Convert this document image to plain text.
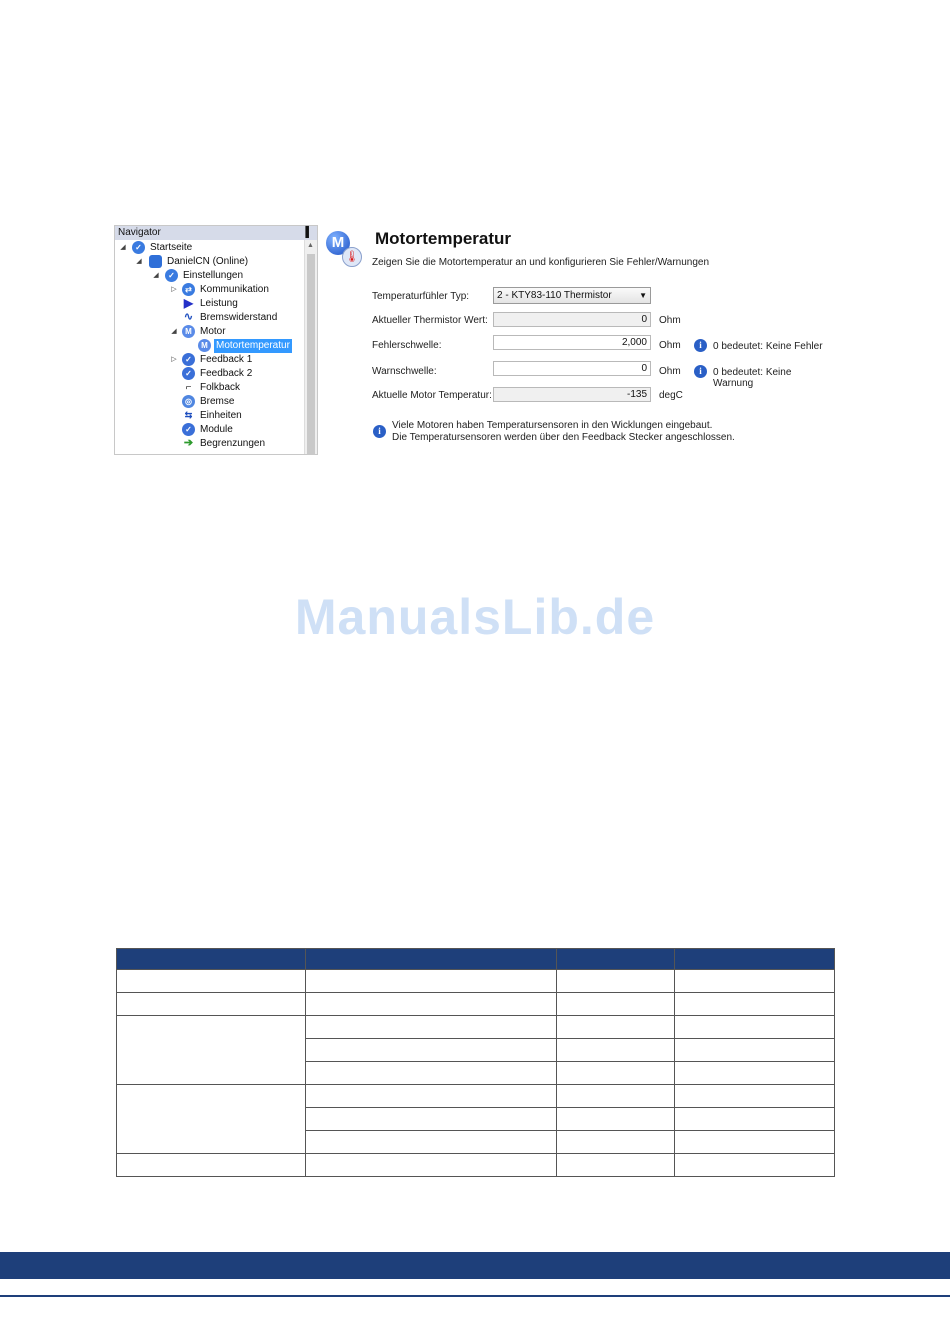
Navigator	▐
▲
◢	✓ Startseite
◢	DanielCN (Online)
◢	✓ Einstellungen
▷	⇄ Kommunikation
▶ Leistung
∿ Bremswiderstand
◢	M Motor
M Motortemperatur
▷	✓ Feedback 1
✓ Feedback 2
⌐ Folkback
◎ Bremse
⇆ Einheiten
✓ Module
➔ Begrenzungen
M
🌡
Motortemperatur
Zeigen Sie die Motortemperatur an und konfigurieren Sie Fehler/Warnungen
Temperaturfühler Typ:	2 - KTY83-110 Thermistor	▼
Aktueller Thermistor Wert:	0	Ohm
Fehlerschwelle:	2,000	Ohm	i	0 bedeutet: Keine Fehler
Warnschwelle:	0	Ohm	i	0 bedeutet: Keine Warnung
Aktuelle Motor Temperatur:	-135	degC
i	Viele Motoren haben Temperatursensoren in den Wicklungen eingebaut.
Die Temperatursensoren werden über den Feedback Stecker angeschlossen.
ManualsLib.de
